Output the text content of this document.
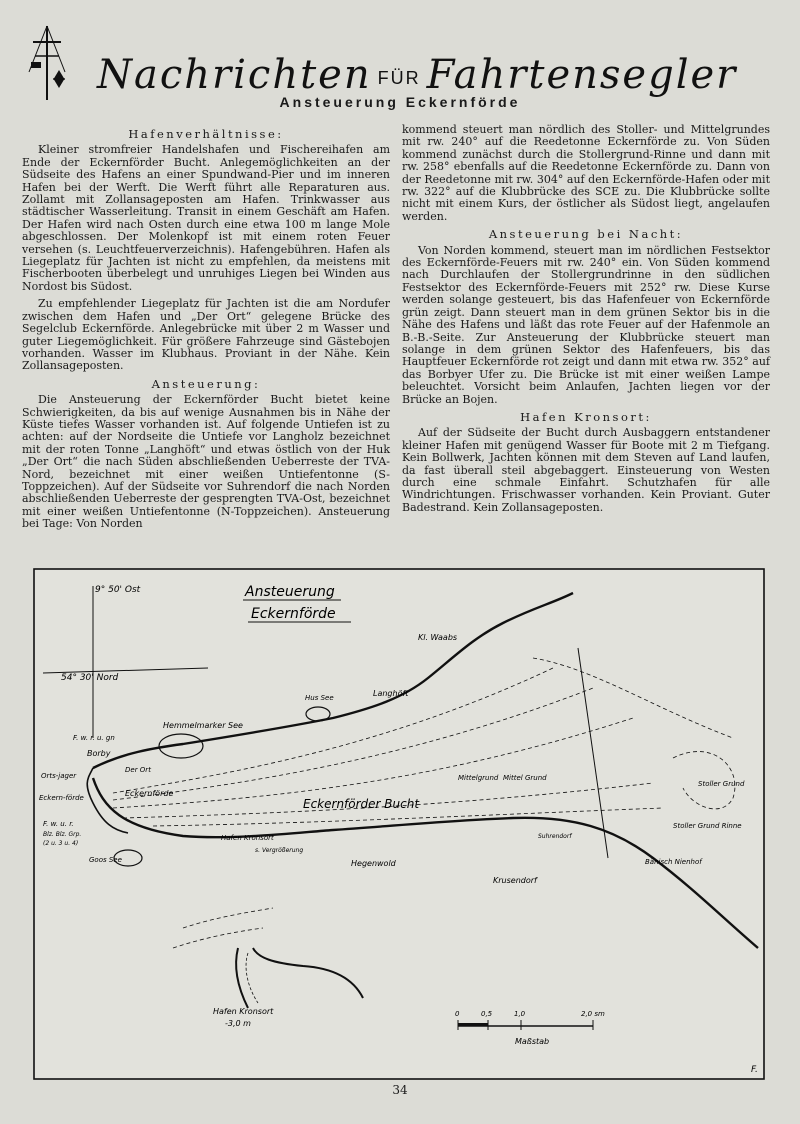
Nachrichten FÜR Fahrtensegler
Ansteuerung Eckernförde
Hafenverhältnisse:

Kleiner stromfreier Handelshafen und Fischereihafen am Ende der Eckernförder Bucht. Anlegemöglichkeiten an der Südseite des Hafens an einer Spundwand-Pier und im inneren Hafen bei der Werft. Die Werft führt alle Reparaturen aus. Zollamt mit Zollansageposten am Hafen. Trinkwasser aus städtischer Wasserleitung. Transit in einem Geschäft am Hafen. Der Hafen wird nach Osten durch eine etwa 100 m lange Mole abgeschlossen. Der Molenkopf ist mit einem roten Feuer versehen (s. Leuchtfeuerverzeichnis). Hafengebühren. Hafen als Liegeplatz für Jachten ist nicht zu empfehlen, da meistens mit Fischerbooten überbelegt und unruhiges Liegen bei Winden aus Nordost bis Südost.

Zu empfehlender Liegeplatz für Jachten ist die am Nordufer zwischen dem Hafen und „Der Ort“ gelegene Brücke des Segelclub Eckernförde. Anlegebrücke mit über 2 m Wasser und guter Liegemöglichkeit. Für größere Fahrzeuge sind Gästebojen vorhanden. Wasser im Klubhaus. Proviant in der Nähe. Kein Zollansageposten.

Ansteuerung:

Die Ansteuerung der Eckernförder Bucht bietet keine Schwierigkeiten, da bis auf wenige Ausnahmen bis in Nähe der Küste tiefes Wasser vorhanden ist. Auf folgende Untiefen ist zu achten: auf der Nordseite die Untiefe vor Langholz bezeichnet mit der roten Tonne „Langhöft“ und etwas östlich von der Huk „Der Ort“ die nach Süden abschließenden Ueberreste der TVA-Nord, bezeichnet mit einer weißen Untiefentonne (S-Toppzeichen). Auf der Südseite vor Suhrendorf die nach Norden abschließenden Ueberreste der gesprengten TVA-Ost, bezeichnet mit einer weißen Untiefentonne (N-Toppzeichen). Ansteuerung bei Tage: Von Norden

kommend steuert man nördlich des Stoller- und Mittelgrundes mit rw. 240° auf die Reedetonne Eckernförde zu. Von Süden kommend zunächst durch die Stollergrund-Rinne und dann mit rw. 258° ebenfalls auf die Reedetonne Eckernförde zu. Dann von der Reedetonne mit rw. 304° auf den Eckernförde-Hafen oder mit rw. 322° auf die Klubbrücke des SCE zu. Die Klubbrücke sollte nicht mit einem Kurs, der östlicher als Südost liegt, angelaufen werden.

Ansteuerung bei Nacht:

Von Norden kommend, steuert man im nördlichen Festsektor des Eckernförde-Feuers mit rw. 240° ein. Von Süden kommend nach Durchlaufen der Stollergrundrinne in den südlichen Festsektor des Eckernförde-Feuers mit 252° rw. Diese Kurse werden solange gesteuert, bis das Hafenfeuer von Eckernförde grün zeigt. Dann steuert man in dem grünen Sektor bis in die Nähe des Hafens und läßt das rote Feuer auf der Hafenmole an B.-B.-Seite. Zur Ansteuerung der Klubbrücke steuert man solange in dem grünen Sektor des Hafenfeuers, bis das Hauptfeuer Eckernförde rot zeigt und dann mit etwa rw. 352° auf das Borbyer Ufer zu. Die Brücke ist mit einer weißen Lampe beleuchtet. Vorsicht beim Anlaufen, Jachten liegen vor der Brücke an Bojen.

Hafen Kronsort:

Auf der Südseite der Bucht durch Ausbaggern entstandener kleiner Hafen mit genügend Wasser für Boote mit 2 m Tiefgang. Kein Bollwerk, Jachten können mit dem Steven auf Land laufen, da fast überall steil abgebaggert. Einsteuerung von Westen durch eine schmale Einfahrt. Schutzhafen für alle Windrichtungen. Frischwasser vorhanden. Kein Proviant. Guter Badestrand. Kein Zollansageposten.

9° 50' Ost
54° 30' Nord
Ansteuerung
Eckernförde
Kl. Waabs
Hemmelmarker See
Hus See	Langhöft
F. w. r. u. gn
Borby
Orts-jager
Eckern-förde
Der Ort
Eckernförde
Eckernförder Bucht
Mittelgrund Mittel Grund
Stoller Grund
Stoller Grund Rinne
F. w. u. r.
Blz. Blz. Grp.
(2 u. 3 u. 4)
Goos See
Hafen Kronsort
s. Vergrößerung
Hegenwold
Krusendorf
Suhrendorf
Bänisch Nienhof
Hafen Kronsort
-3,0 m
0	0,5	1,0	2,0 sm
Maßstab
F.
34
